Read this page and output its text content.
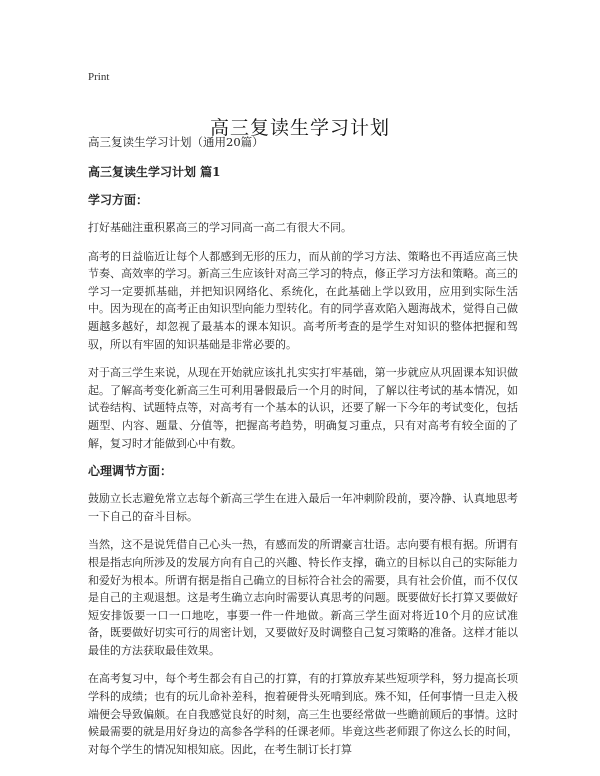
Print
高三复读生学习计划
高三复读生学习计划（通用20篇）
高三复读生学习计划 篇1
学习方面：

打好基础注重积累高三的学习同高一高二有很大不同。

高考的日益临近让每个人都感到无形的压力，而从前的学习方法、策略也不再适应高三快节奏、高效率的学习。新高三生应该针对高三学习的特点，修正学习方法和策略。高三的学习一定要抓基础，并把知识网络化、系统化，在此基础上学以致用，应用到实际生活中。因为现在的高考正由知识型向能力型转化。有的同学喜欢陷入题海战术，觉得自己做题越多越好，却忽视了最基本的课本知识。高考所考查的是学生对知识的整体把握和驾驭，所以有牢固的知识基础是非常必要的。

对于高三学生来说，从现在开始就应该扎扎实实打牢基础，第一步就应从巩固课本知识做起。了解高考变化新高三生可利用暑假最后一个月的时间，了解以往考试的基本情况，如试卷结构、试题特点等，对高考有一个基本的认识，还要了解一下今年的考试变化，包括题型、内容、题量、分值等，把握高考趋势，明确复习重点，只有对高考有较全面的了解，复习时才能做到心中有数。

心理调节方面：

鼓励立长志避免常立志每个新高三学生在进入最后一年冲刺阶段前，要冷静、认真地思考一下自己的奋斗目标。

当然，这不是说凭借自己心头一热，有感而发的所谓豪言壮语。志向要有根有据。所谓有根是指志向所涉及的发展方向有自己的兴趣、特长作支撑，确立的目标以自己的实际能力和爱好为根本。所谓有据是指自己确立的目标符合社会的需要，具有社会价值，而不仅仅是自己的主观退想。这是考生确立志向时需要认真思考的问题。既要做好长打算又要做好短安排饭要一口一口地吃，事要一件一件地做。新高三学生面对将近10个月的应试准备，既要做好切实可行的周密计划，又要做好及时调整自己复习策略的准备。这样才能以最佳的方法获取最佳效果。

在高考复习中，每个考生都会有自己的打算，有的打算放弃某些短项学科，努力提高长项学科的成绩；也有的玩儿命补差科，抱着硬骨头死啃到底。殊不知，任何事情一旦走入极端便会导致偏颇。在自我感觉良好的时刻，高三生也要经常做一些瞻前顾后的事情。这时候最需要的就是用好身边的高参各学科的任课老师。毕竟这些老师跟了你这么长的时间，对每个学生的情况知根知底。因此，在考生制订长打算
